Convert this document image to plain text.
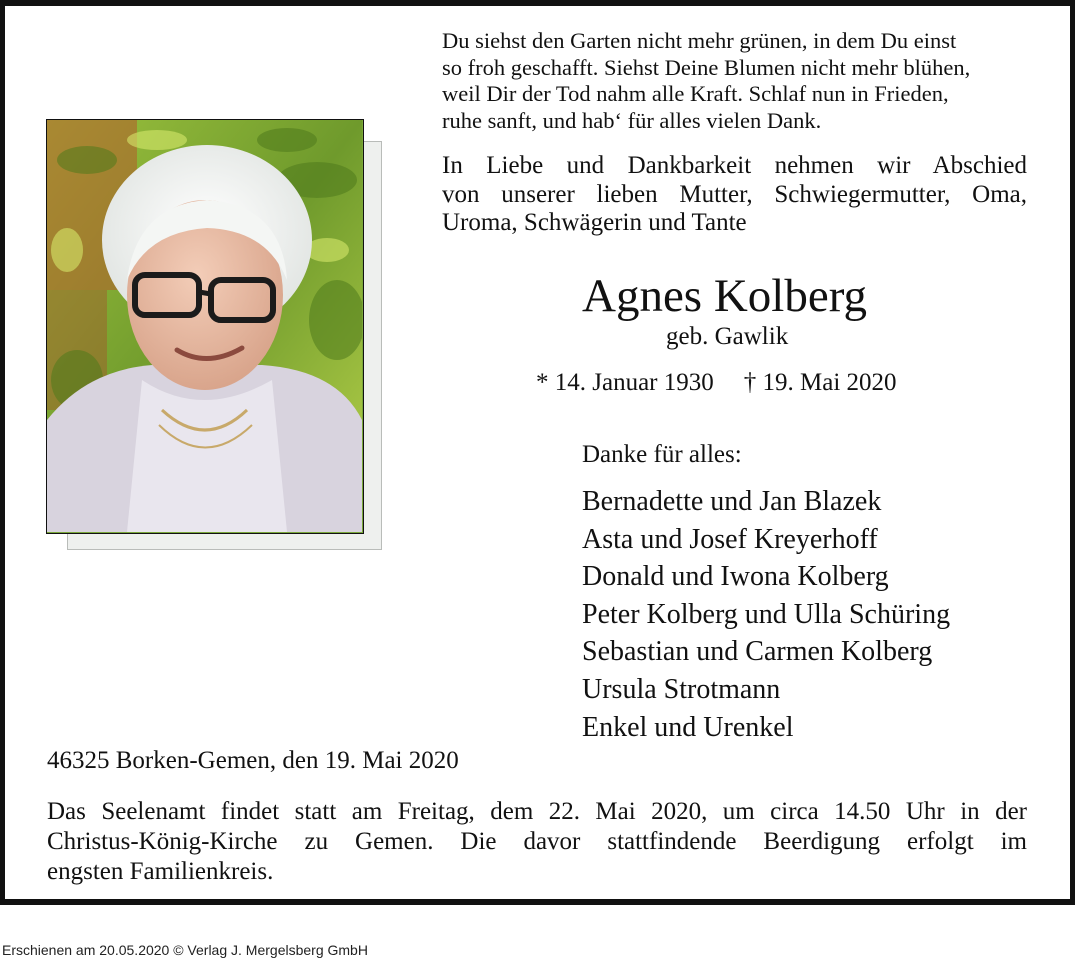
Du siehst den Garten nicht mehr grünen, in dem Du einst
so froh geschafft. Siehst Deine Blumen nicht mehr blühen,
weil Dir der Tod nahm alle Kraft. Schlaf nun in Frieden,
ruhe sanft, und hab‘ für alles vielen Dank.
In Liebe und Dankbarkeit nehmen wir Abschied
von unserer lieben Mutter, Schwiegermutter, Oma,
Uroma, Schwägerin und Tante
Agnes Kolberg
geb. Gawlik
* 14. Januar 1930 † 19. Mai 2020
Danke für alles:
Bernadette und Jan Blazek
Asta und Josef Kreyerhoff
Donald und Iwona Kolberg
Peter Kolberg und Ulla Schüring
Sebastian und Carmen Kolberg
Ursula Strotmann
Enkel und Urenkel
46325 Borken-Gemen, den 19. Mai 2020
Das Seelenamt findet statt am Freitag, dem 22. Mai 2020, um circa 14.50 Uhr in der
Christus-König-Kirche zu Gemen. Die davor stattfindende Beerdigung erfolgt im
engsten Familienkreis.
Erschienen am 20.05.2020 © Verlag J. Mergelsberg GmbH
